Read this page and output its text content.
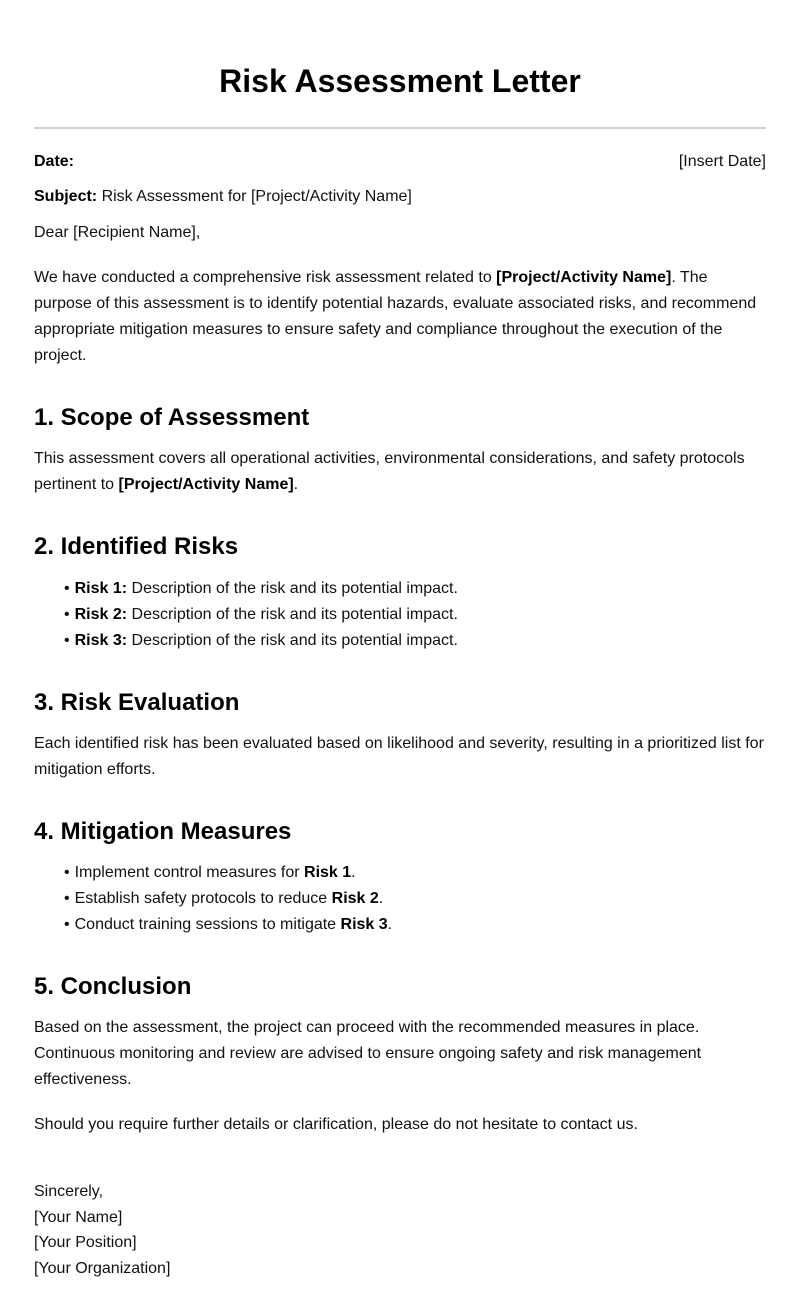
Risk Assessment Letter
Date:	[Insert Date]

Subject: Risk Assessment for [Project/Activity Name]

Dear [Recipient Name],

We have conducted a comprehensive risk assessment related to [Project/Activity Name]. The purpose of this assessment is to identify potential hazards, evaluate associated risks, and recommend appropriate mitigation measures to ensure safety and compliance throughout the execution of the project.

1. Scope of Assessment

This assessment covers all operational activities, environmental considerations, and safety protocols pertinent to [Project/Activity Name].

2. Identified Risks
• Risk 1: Description of the risk and its potential impact.
• Risk 2: Description of the risk and its potential impact.
• Risk 3: Description of the risk and its potential impact.
3. Risk Evaluation

Each identified risk has been evaluated based on likelihood and severity, resulting in a prioritized list for mitigation efforts.

4. Mitigation Measures
• Implement control measures for Risk 1.
• Establish safety protocols to reduce Risk 2.
• Conduct training sessions to mitigate Risk 3.
5. Conclusion

Based on the assessment, the project can proceed with the recommended measures in place. Continuous monitoring and review are advised to ensure ongoing safety and risk management effectiveness.

Should you require further details or clarification, please do not hesitate to contact us.

Sincerely,
[Your Name]
[Your Position]
[Your Organization]
